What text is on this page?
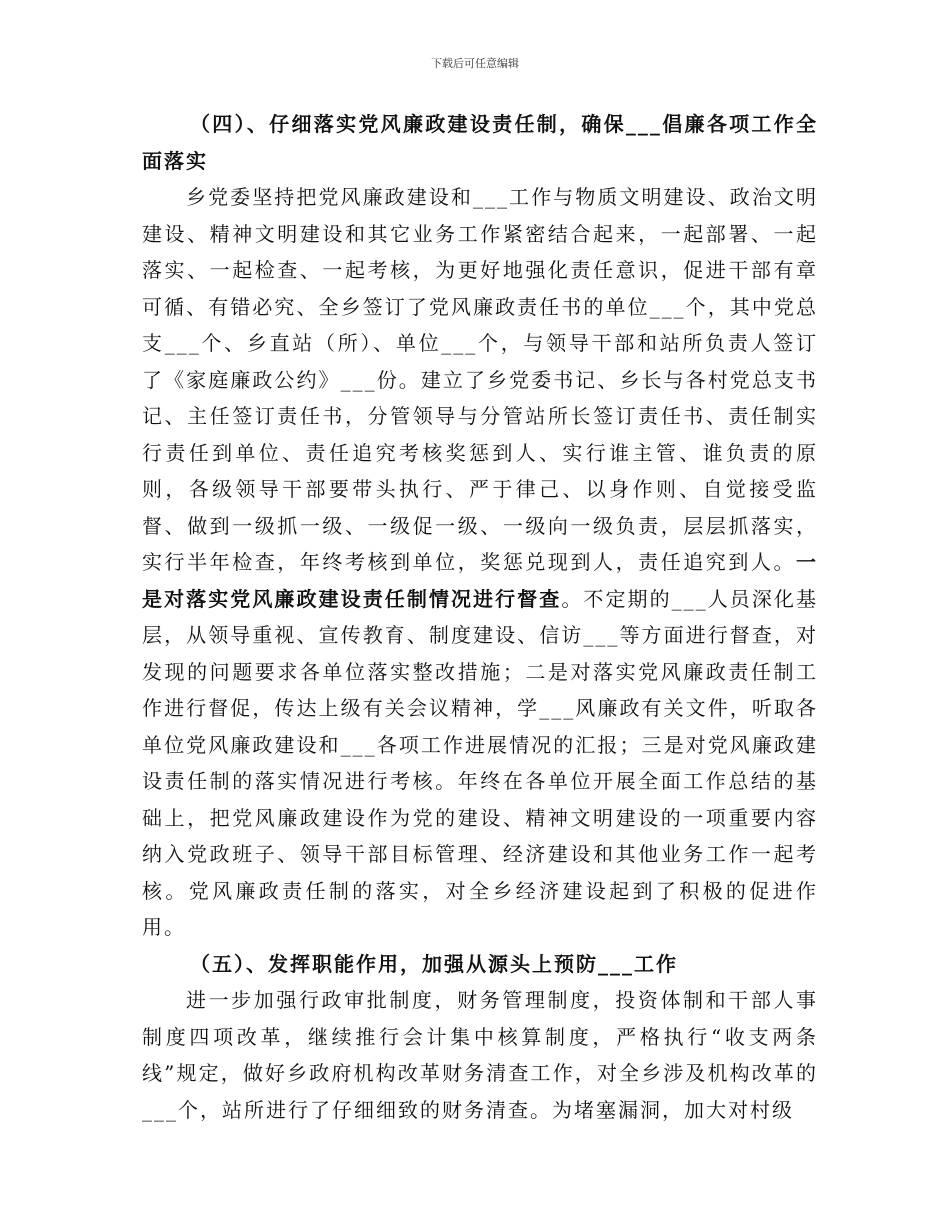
下载后可任意编辑

（四）、仔细落实党风廉政建设责任制，确保___倡廉各项工作全面落实

乡党委坚持把党风廉政建设和___工作与物质文明建设、政治文明建设、精神文明建设和其它业务工作紧密结合起来，一起部署、一起落实、一起检查、一起考核，为更好地强化责任意识，促进干部有章可循、有错必究、全乡签订了党风廉政责任书的单位___个，其中党总支___个、乡直站（所）、单位___个，与领导干部和站所负责人签订了《家庭廉政公约》___份。建立了乡党委书记、乡长与各村党总支书记、主任签订责任书，分管领导与分管站所长签订责任书、责任制实行责任到单位、责任追究考核奖惩到人、实行谁主管、谁负责的原则，各级领导干部要带头执行、严于律己、以身作则、自觉接受监督、做到一级抓一级、一级促一级、一级向一级负责，层层抓落实，实行半年检查，年终考核到单位，奖惩兑现到人，责任追究到人。一是对落实党风廉政建设责任制情况进行督查。不定期的___人员深化基层，从领导重视、宣传教育、制度建设、信访___等方面进行督查，对发现的问题要求各单位落实整改措施；二是对落实党风廉政责任制工作进行督促，传达上级有关会议精神，学___风廉政有关文件，听取各单位党风廉政建设和___各项工作进展情况的汇报；三是对党风廉政建设责任制的落实情况进行考核。年终在各单位开展全面工作总结的基础上，把党风廉政建设作为党的建设、精神文明建设的一项重要内容纳入党政班子、领导干部目标管理、经济建设和其他业务工作一起考核。党风廉政责任制的落实，对全乡经济建设起到了积极的促进作用。

（五）、发挥职能作用，加强从源头上预防___工作

进一步加强行政审批制度，财务管理制度，投资体制和干部人事制度四项改革，继续推行会计集中核算制度，严格执行“收支两条线”规定，做好乡政府机构改革财务清查工作，对全乡涉及机构改革的___个，站所进行了仔细细致的财务清查。为堵塞漏洞，加大对村级
